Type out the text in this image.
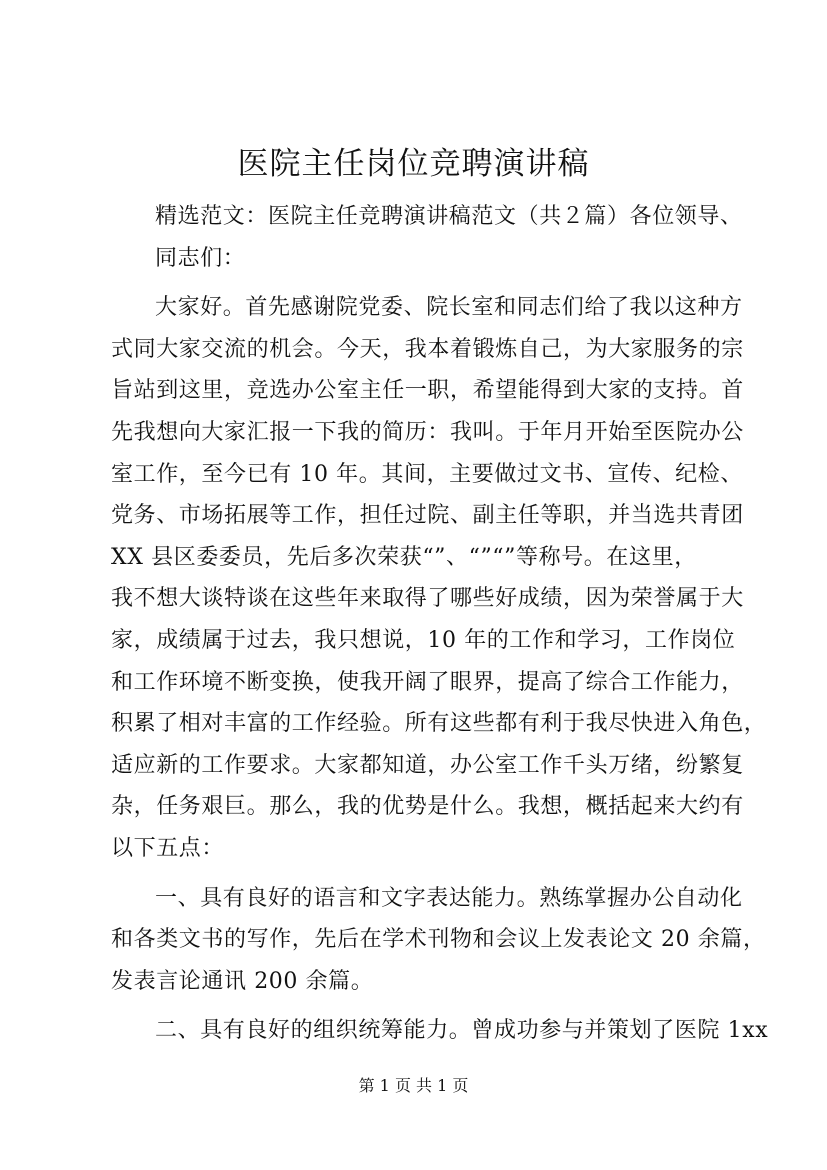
医院主任岗位竞聘演讲稿
精选范文：医院主任竞聘演讲稿范文（共２篇）各位领导、
同志们：
大家好。首先感谢院党委、院长室和同志们给了我以这种方
式同大家交流的机会。今天，我本着锻炼自己，为大家服务的宗
旨站到这里，竞选办公室主任一职，希望能得到大家的支持。首
先我想向大家汇报一下我的简历：我叫。于年月开始至医院办公
室工作，至今已有 10 年。其间，主要做过文书、宣传、纪检、
党务、市场拓展等工作，担任过院、副主任等职，并当选共青团
XX 县区委委员，先后多次荣获“”、“”“”等称号。在这里，
我不想大谈特谈在这些年来取得了哪些好成绩，因为荣誉属于大
家，成绩属于过去，我只想说，10 年的工作和学习，工作岗位
和工作环境不断变换，使我开阔了眼界，提高了综合工作能力，
积累了相对丰富的工作经验。所有这些都有利于我尽快进入角色，
适应新的工作要求。大家都知道，办公室工作千头万绪，纷繁复
杂，任务艰巨。那么，我的优势是什么。我想，概括起来大约有
以下五点：
一、具有良好的语言和文字表达能力。熟练掌握办公自动化
和各类文书的写作，先后在学术刊物和会议上发表论文 20 余篇，
发表言论通讯 200 余篇。
二、具有良好的组织统筹能力。曾成功参与并策划了医院 1xx
第 1 页 共 1 页
